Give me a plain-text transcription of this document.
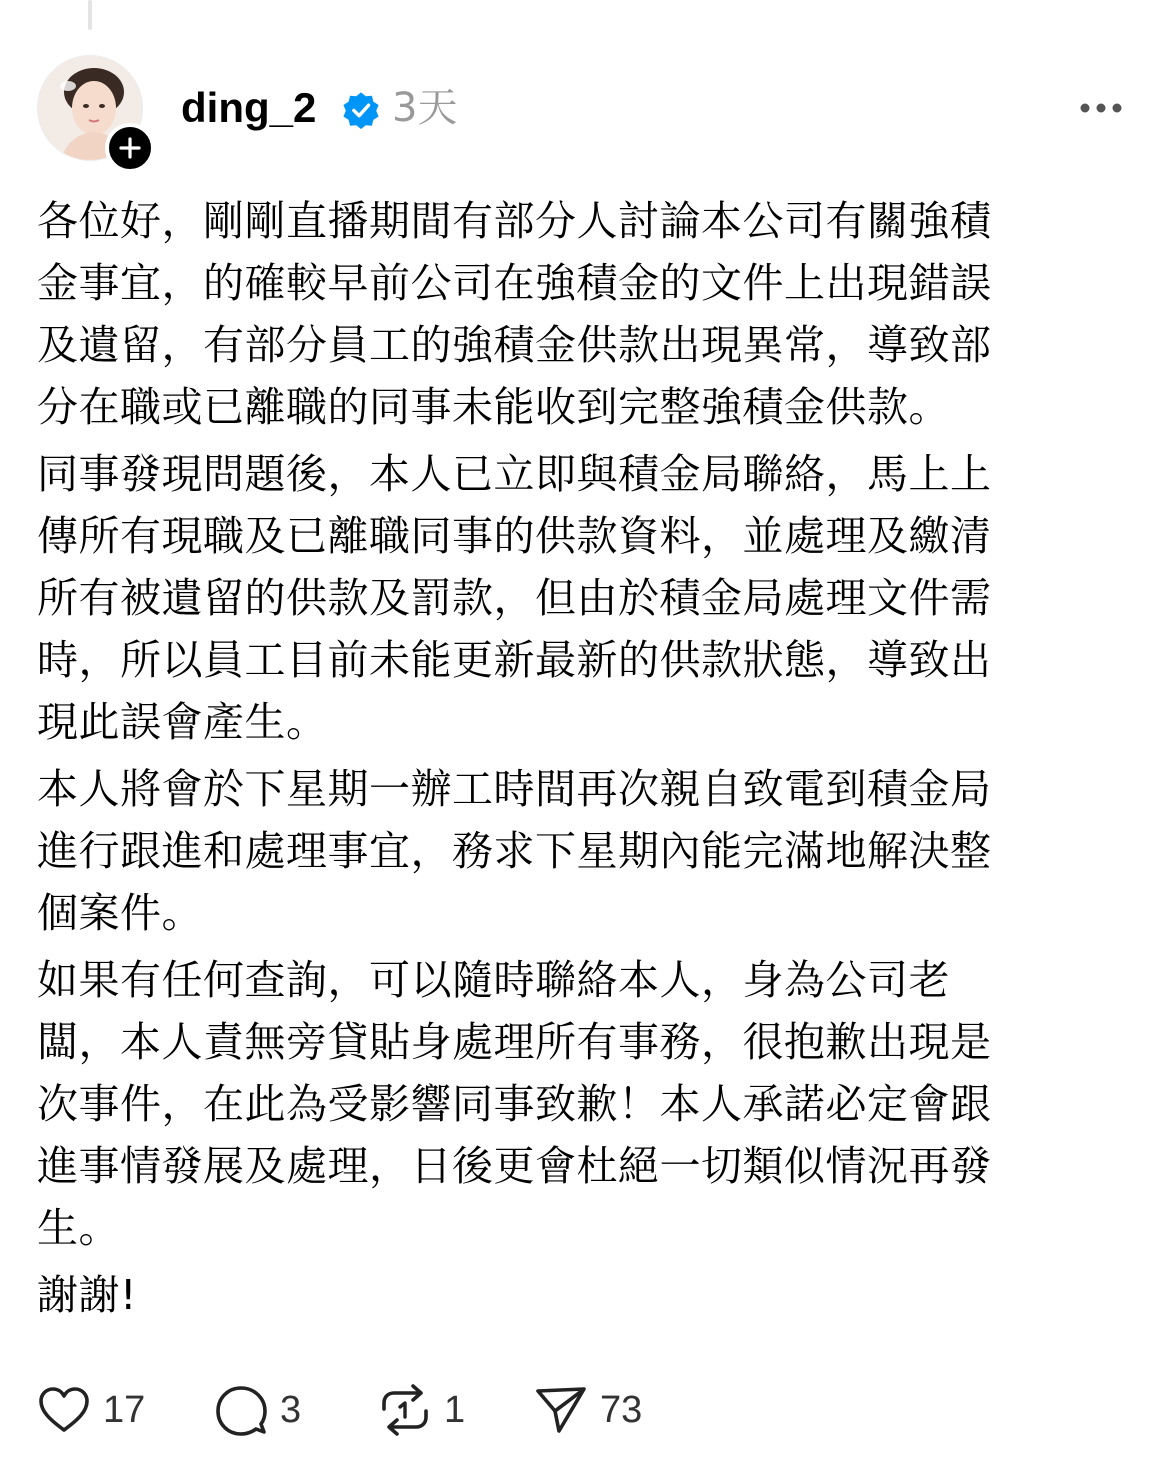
ding_2 3天

各位好，剛剛直播期間有部分人討論本公司有關強積
金事宜，的確較早前公司在強積金的文件上出現錯誤
及遺留，有部分員工的強積金供款出現異常，導致部
分在職或已離職的同事未能收到完整強積金供款。

同事發現問題後，本人已立即與積金局聯絡，馬上上
傳所有現職及已離職同事的供款資料，並處理及繳清
所有被遺留的供款及罰款，但由於積金局處理文件需
時，所以員工目前未能更新最新的供款狀態，導致出
現此誤會產生。

本人將會於下星期一辦工時間再次親自致電到積金局
進行跟進和處理事宜，務求下星期內能完滿地解決整
個案件。

如果有任何查詢，可以隨時聯絡本人，身為公司老
闆，本人責無旁貸貼身處理所有事務，很抱歉出現是
次事件，在此為受影響同事致歉！本人承諾必定會跟
進事情發展及處理，日後更會杜絕一切類似情況再發
生。

謝謝!

17	3	1	73
